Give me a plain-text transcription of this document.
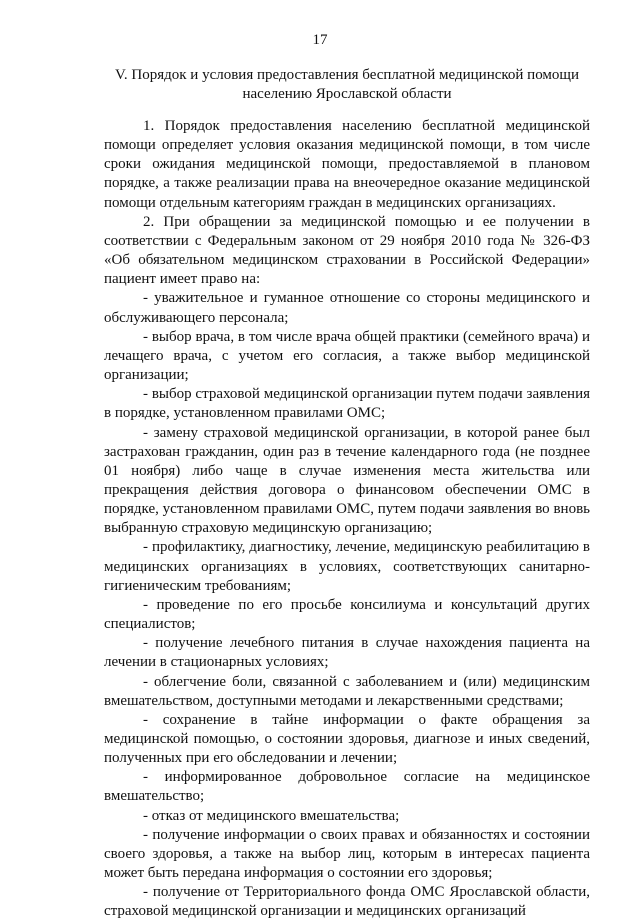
17
V. Порядок и условия предоставления бесплатной медицинской помощи населению Ярославской области

1. Порядок предоставления населению бесплатной медицинской помощи определяет условия оказания медицинской помощи, в том числе сроки ожидания медицинской помощи, предоставляемой в плановом порядке, а также реализации права на внеочередное оказание медицинской помощи отдельным категориям граждан в медицинских организациях.

2. При обращении за медицинской помощью и ее получении в соответствии с Федеральным законом от 29 ноября 2010 года № 326-ФЗ «Об обязательном медицинском страховании в Российской Федерации» пациент имеет право на:

- уважительное и гуманное отношение со стороны медицинского и обслуживающего персонала;

- выбор врача, в том числе врача общей практики (семейного врача) и лечащего врача, с учетом его согласия, а также выбор медицинской организации;

- выбор страховой медицинской организации путем подачи заявления в порядке, установленном правилами ОМС;

- замену страховой медицинской организации, в которой ранее был застрахован гражданин, один раз в течение календарного года (не позднее 01 ноября) либо чаще в случае изменения места жительства или прекращения действия договора о финансовом обеспечении ОМС в порядке, установленном правилами ОМС, путем подачи заявления во вновь выбранную страховую медицинскую организацию;

- профилактику, диагностику, лечение, медицинскую реабилитацию в медицинских организациях в условиях, соответствующих санитарно-гигиеническим требованиям;

- проведение по его просьбе консилиума и консультаций других специалистов;

- получение лечебного питания в случае нахождения пациента на лечении в стационарных условиях;

- облегчение боли, связанной с заболеванием и (или) медицинским вмешательством, доступными методами и лекарственными средствами;

- сохранение в тайне информации о факте обращения за медицинской помощью, о состоянии здоровья, диагнозе и иных сведений, полученных при его обследовании и лечении;

- информированное добровольное согласие на медицинское вмешательство;

- отказ от медицинского вмешательства;

- получение информации о своих правах и обязанностях и состоянии своего здоровья, а также на выбор лиц, которым в интересах пациента может быть передана информация о состоянии его здоровья;

- получение от Территориального фонда ОМС Ярославской области, страховой медицинской организации и медицинских организаций
